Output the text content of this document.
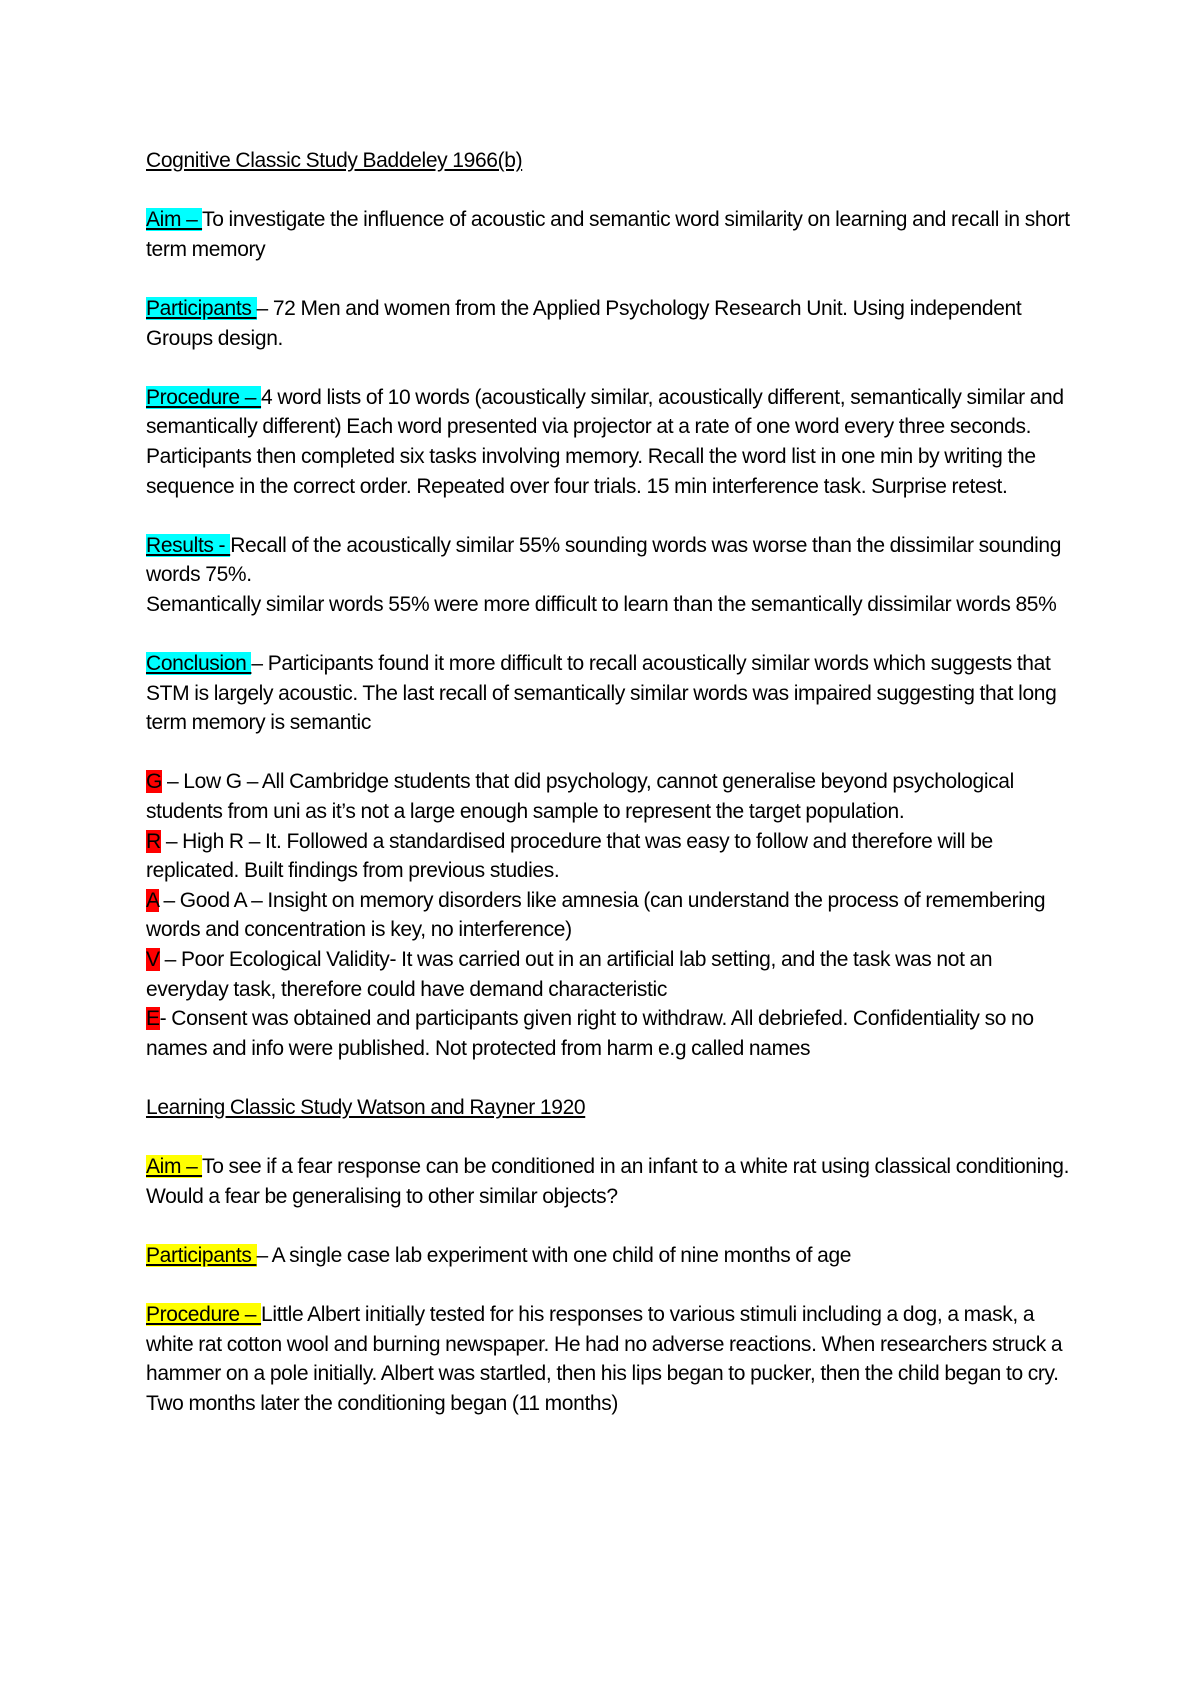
Cognitive Classic Study Baddeley 1966(b)

Aim – To investigate the influence of acoustic and semantic word similarity on learning and recall in short term memory

Participants – 72 Men and women from the Applied Psychology Research Unit. Using independent Groups design.

Procedure – 4 word lists of 10 words (acoustically similar, acoustically different, semantically similar and semantically different) Each word presented via projector at a rate of one word every three seconds. Participants then completed six tasks involving memory. Recall the word list in one min by writing the sequence in the correct order. Repeated over four trials. 15 min interference task. Surprise retest.

Results - Recall of the acoustically similar 55% sounding words was worse than the dissimilar sounding words 75%.

Semantically similar words 55% were more difficult to learn than the semantically dissimilar words 85%

Conclusion – Participants found it more difficult to recall acoustically similar words which suggests that STM is largely acoustic. The last recall of semantically similar words was impaired suggesting that long term memory is semantic

G – Low G – All Cambridge students that did psychology, cannot generalise beyond psychological students from uni as it’s not a large enough sample to represent the target population.

R – High R – It. Followed a standardised procedure that was easy to follow and therefore will be replicated. Built findings from previous studies.

A – Good A – Insight on memory disorders like amnesia (can understand the process of remembering words and concentration is key, no interference)

V – Poor Ecological Validity- It was carried out in an artificial lab setting, and the task was not an everyday task, therefore could have demand characteristic

E- Consent was obtained and participants given right to withdraw. All debriefed. Confidentiality so no names and info were published. Not protected from harm e.g called names

Learning Classic Study Watson and Rayner 1920

Aim – To see if a fear response can be conditioned in an infant to a white rat using classical conditioning. Would a fear be generalising to other similar objects?

Participants – A single case lab experiment with one child of nine months of age

Procedure – Little Albert initially tested for his responses to various stimuli including a dog, a mask, a white rat cotton wool and burning newspaper. He had no adverse reactions. When researchers struck a hammer on a pole initially. Albert was startled, then his lips began to pucker, then the child began to cry. Two months later the conditioning began (11 months)
